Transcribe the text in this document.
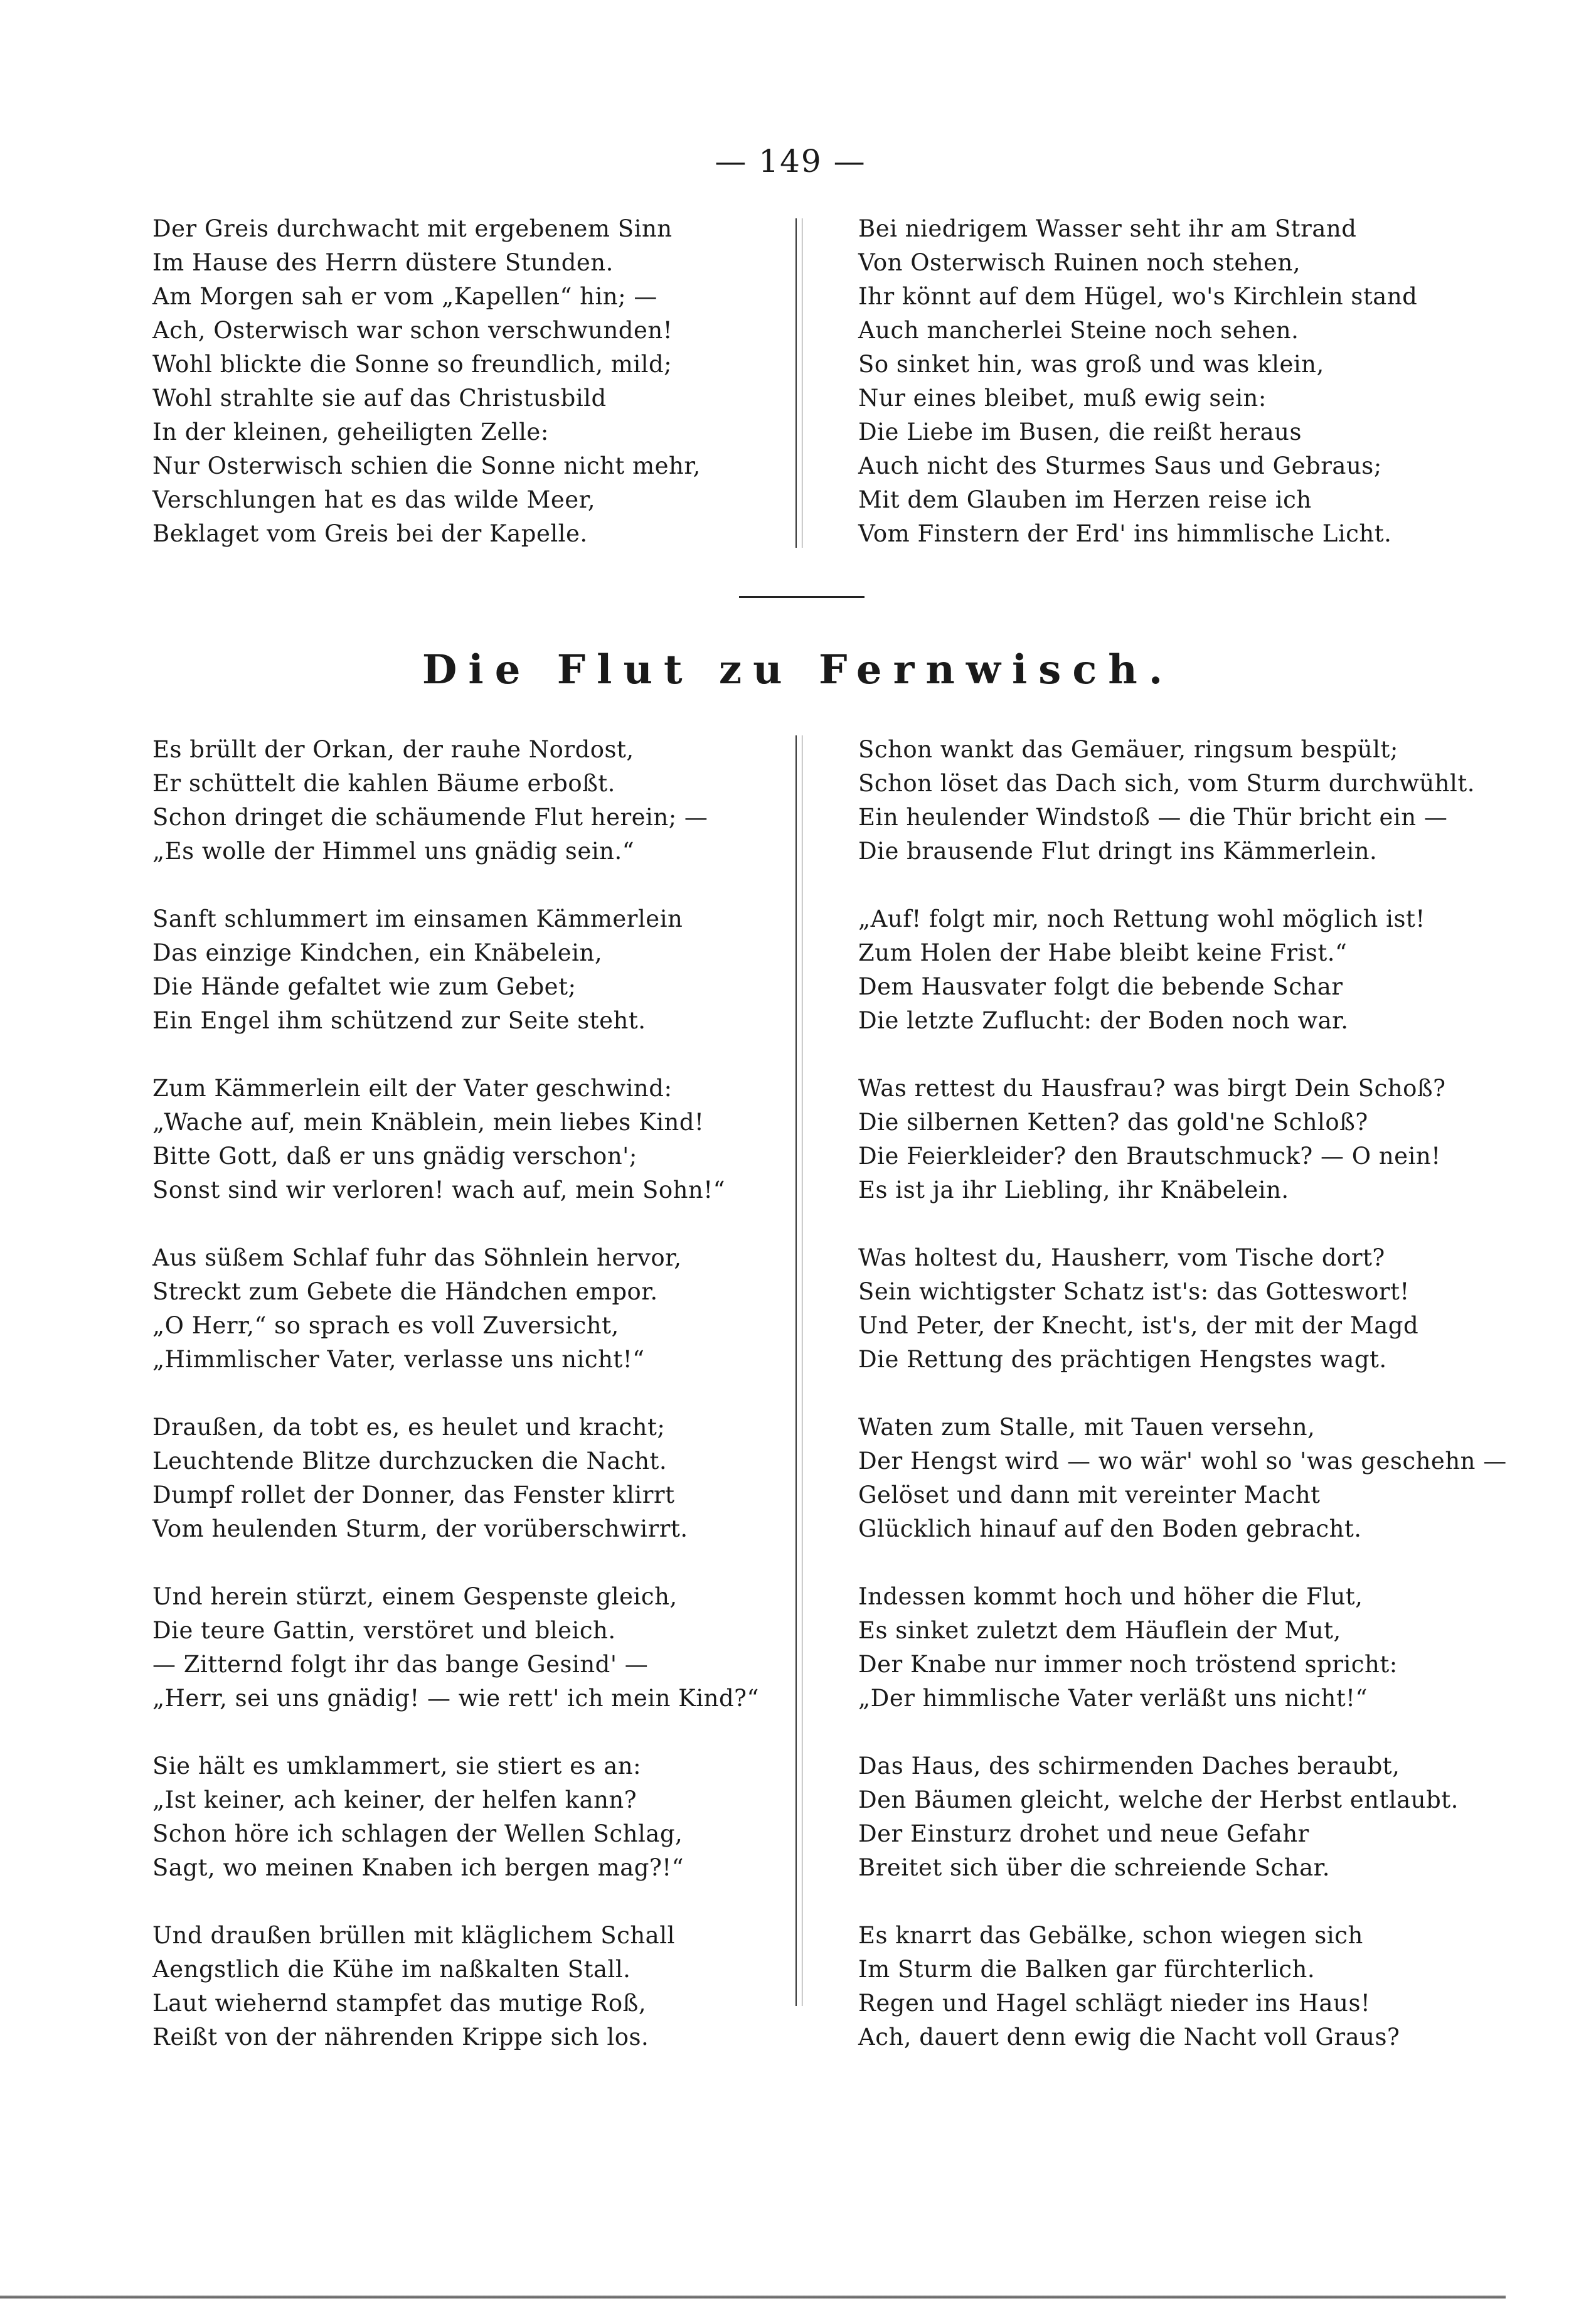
— 149 —
Der Greis durchwacht mit ergebenem Sinn
Im Hause des Herrn düstere Stunden.
Am Morgen sah er vom „Kapellen“ hin; —
Ach, Osterwisch war schon verschwunden!
Wohl blickte die Sonne so freundlich, mild;
Wohl strahlte sie auf das Christusbild
In der kleinen, geheiligten Zelle:
Nur Osterwisch schien die Sonne nicht mehr,
Verschlungen hat es das wilde Meer,
Beklaget vom Greis bei der Kapelle.
Bei niedrigem Wasser seht ihr am Strand
Von Osterwisch Ruinen noch stehen,
Ihr könnt auf dem Hügel, wo's Kirchlein stand
Auch mancherlei Steine noch sehen.
So sinket hin, was groß und was klein,
Nur eines bleibet, muß ewig sein:
Die Liebe im Busen, die reißt heraus
Auch nicht des Sturmes Saus und Gebraus;
Mit dem Glauben im Herzen reise ich
Vom Finstern der Erd' ins himmlische Licht.
Die Flut zu Fernwisch.
Es brüllt der Orkan, der rauhe Nordost,
Er schüttelt die kahlen Bäume erboßt.
Schon dringet die schäumende Flut herein; —
„Es wolle der Himmel uns gnädig sein.“
Sanft schlummert im einsamen Kämmerlein
Das einzige Kindchen, ein Knäbelein,
Die Hände gefaltet wie zum Gebet;
Ein Engel ihm schützend zur Seite steht.
Zum Kämmerlein eilt der Vater geschwind:
„Wache auf, mein Knäblein, mein liebes Kind!
Bitte Gott, daß er uns gnädig verschon';
Sonst sind wir verloren! wach auf, mein Sohn!“
Aus süßem Schlaf fuhr das Söhnlein hervor,
Streckt zum Gebete die Händchen empor.
„O Herr,“ so sprach es voll Zuversicht,
„Himmlischer Vater, verlasse uns nicht!“
Draußen, da tobt es, es heulet und kracht;
Leuchtende Blitze durchzucken die Nacht.
Dumpf rollet der Donner, das Fenster klirrt
Vom heulenden Sturm, der vorüberschwirrt.
Und herein stürzt, einem Gespenste gleich,
Die teure Gattin, verstöret und bleich.
— Zitternd folgt ihr das bange Gesind' —
„Herr, sei uns gnädig! — wie rett' ich mein Kind?“
Sie hält es umklammert, sie stiert es an:
„Ist keiner, ach keiner, der helfen kann?
Schon höre ich schlagen der Wellen Schlag,
Sagt, wo meinen Knaben ich bergen mag?!“
Und draußen brüllen mit kläglichem Schall
Aengstlich die Kühe im naßkalten Stall.
Laut wiehernd stampfet das mutige Roß,
Reißt von der nährenden Krippe sich los.
Schon wankt das Gemäuer, ringsum bespült;
Schon löset das Dach sich, vom Sturm durchwühlt.
Ein heulender Windstoß — die Thür bricht ein —
Die brausende Flut dringt ins Kämmerlein.
„Auf! folgt mir, noch Rettung wohl möglich ist!
Zum Holen der Habe bleibt keine Frist.“
Dem Hausvater folgt die bebende Schar
Die letzte Zuflucht: der Boden noch war.
Was rettest du Hausfrau? was birgt Dein Schoß?
Die silbernen Ketten? das gold'ne Schloß?
Die Feierkleider? den Brautschmuck? — O nein!
Es ist ja ihr Liebling, ihr Knäbelein.
Was holtest du, Hausherr, vom Tische dort?
Sein wichtigster Schatz ist's: das Gotteswort!
Und Peter, der Knecht, ist's, der mit der Magd
Die Rettung des prächtigen Hengstes wagt.
Waten zum Stalle, mit Tauen versehn,
Der Hengst wird — wo wär' wohl so 'was geschehn —
Gelöset und dann mit vereinter Macht
Glücklich hinauf auf den Boden gebracht.
Indessen kommt hoch und höher die Flut,
Es sinket zuletzt dem Häuflein der Mut,
Der Knabe nur immer noch tröstend spricht:
„Der himmlische Vater verläßt uns nicht!“
Das Haus, des schirmenden Daches beraubt,
Den Bäumen gleicht, welche der Herbst entlaubt.
Der Einsturz drohet und neue Gefahr
Breitet sich über die schreiende Schar.
Es knarrt das Gebälke, schon wiegen sich
Im Sturm die Balken gar fürchterlich.
Regen und Hagel schlägt nieder ins Haus!
Ach, dauert denn ewig die Nacht voll Graus?
